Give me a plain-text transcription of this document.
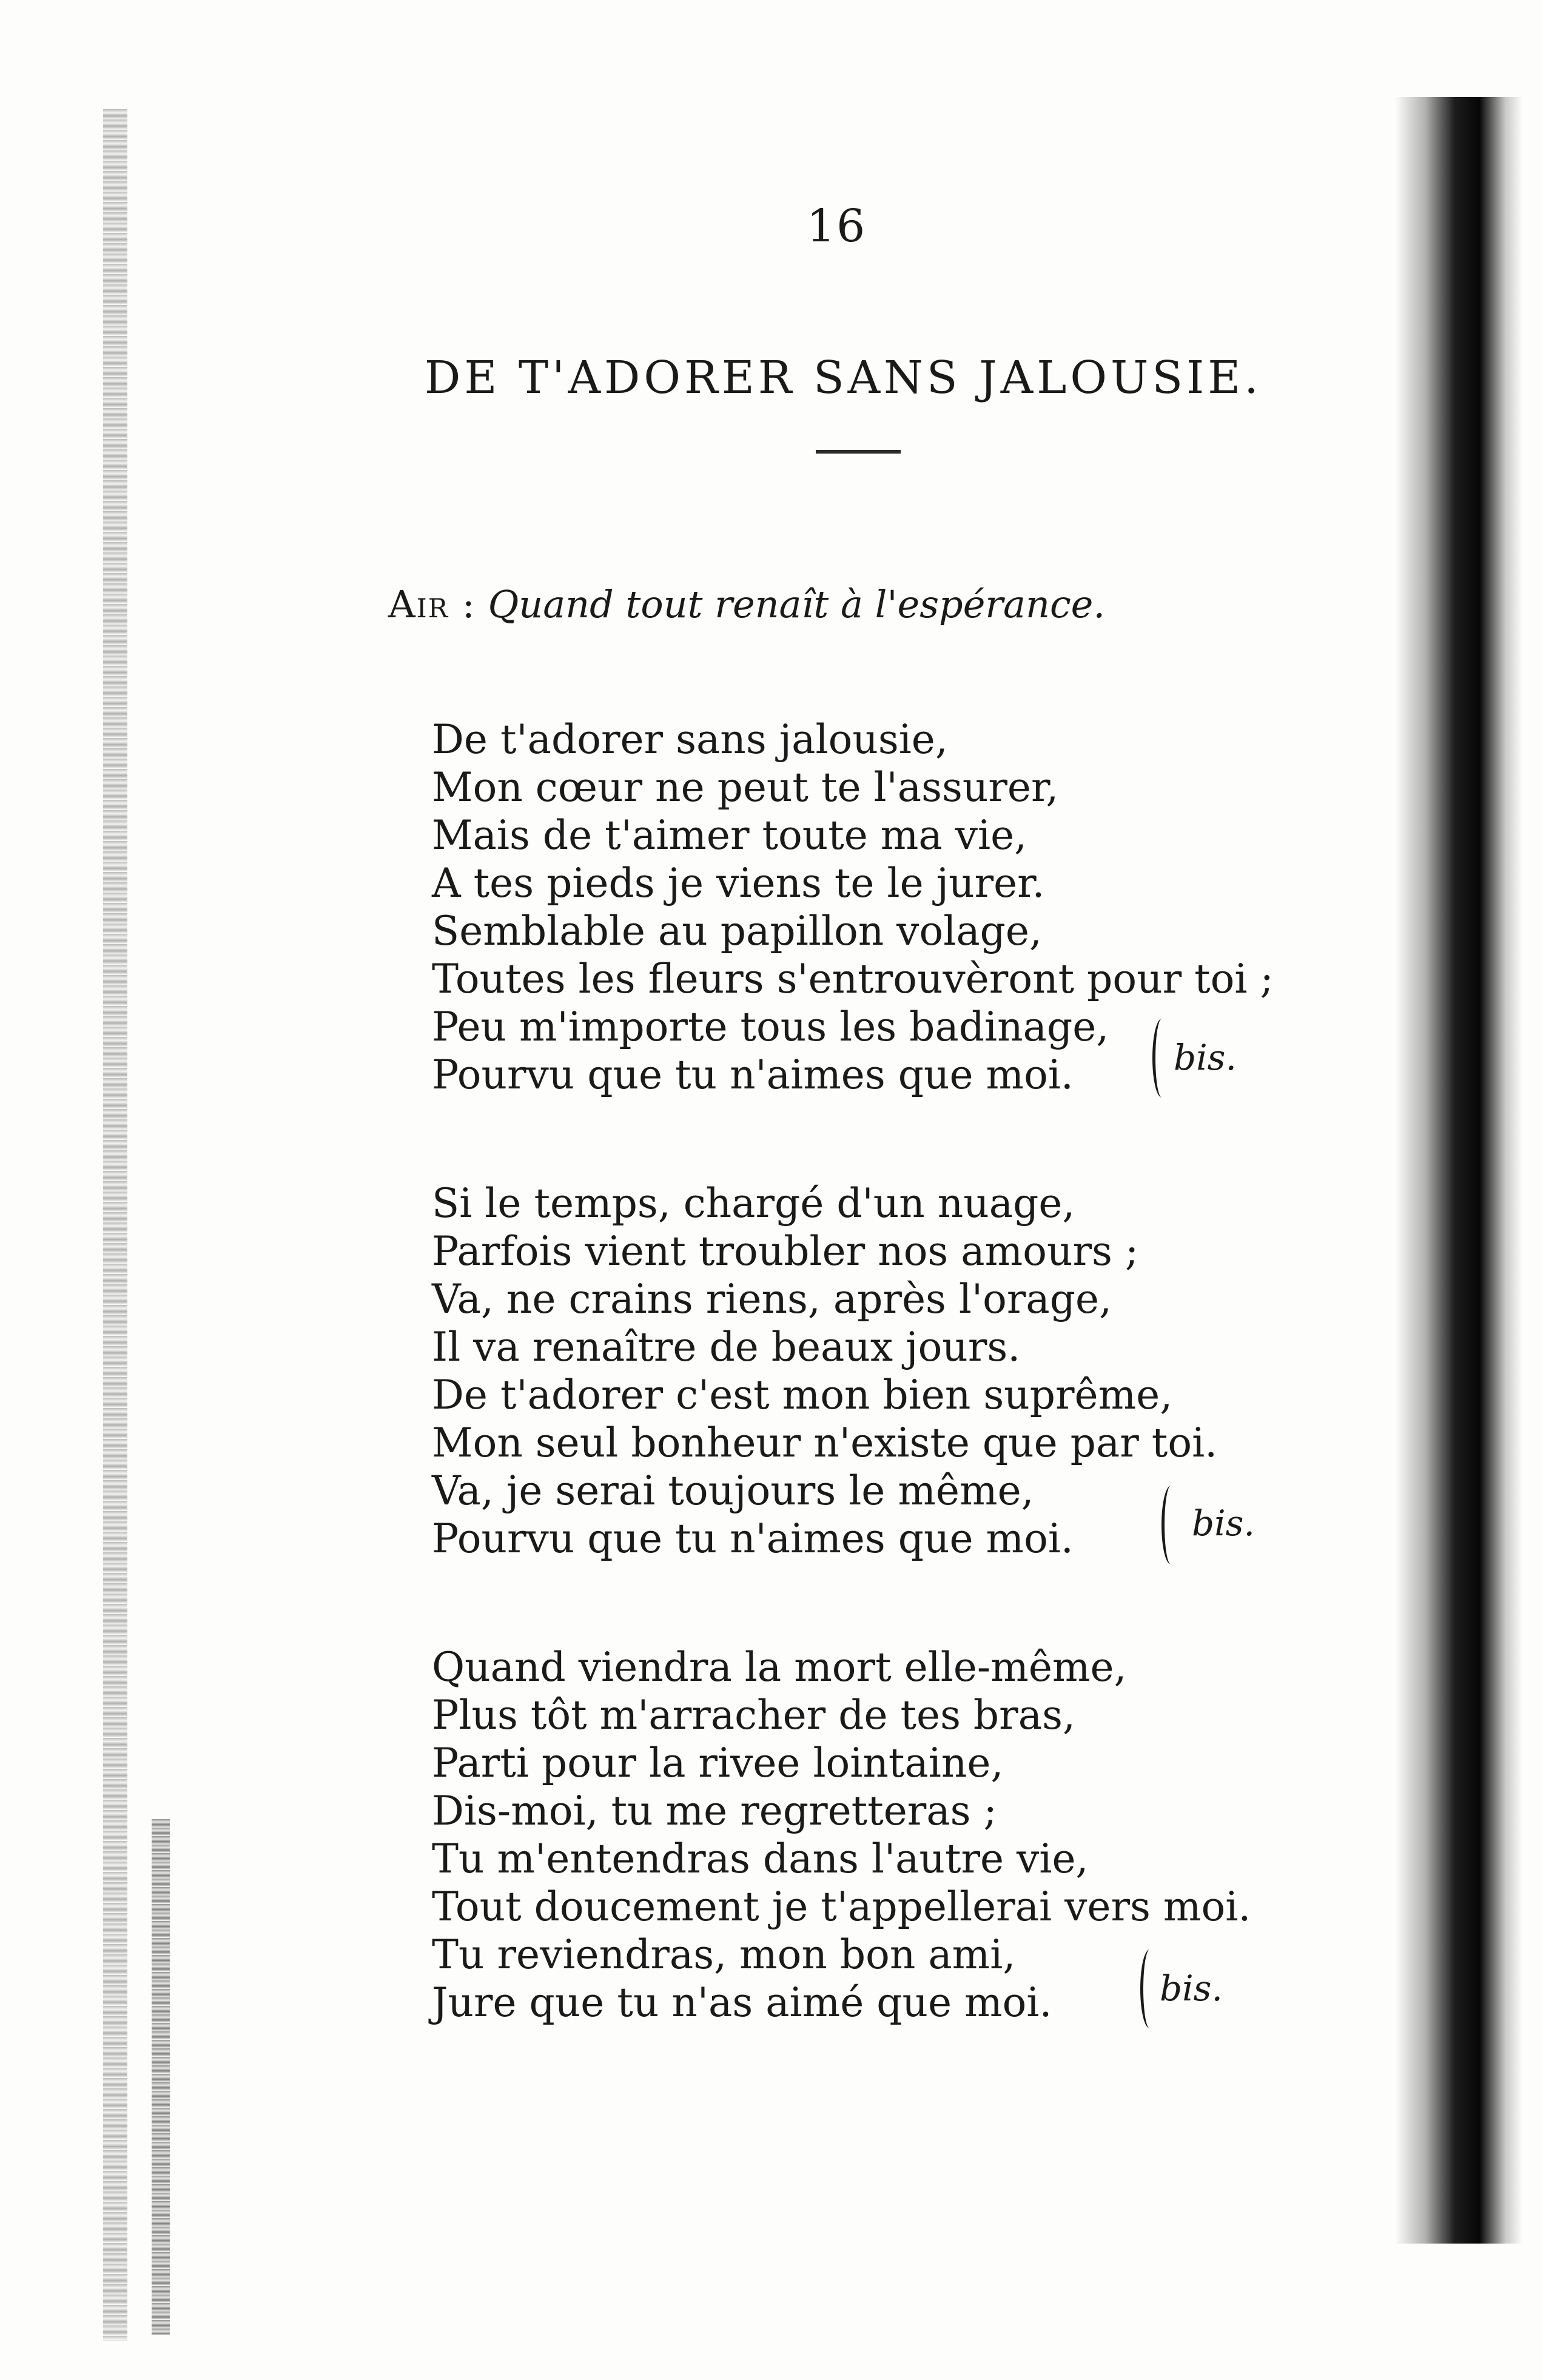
16
DE T'ADORER SANS JALOUSIE.
Air : Quand tout renaît à l'espérance.
De t'adorer sans jalousie,
Mon cœur ne peut te l'assurer,
Mais de t'aimer toute ma vie,
A tes pieds je viens te le jurer.
Semblable au papillon volage,
Toutes les fleurs s'entrouvèront pour toi ;
Peu m'importe tous les badinage,
Pourvu que tu n'aimes que moi.	bis.
Si le temps, chargé d'un nuage,
Parfois vient troubler nos amours ;
Va, ne crains riens, après l'orage,
Il va renaître de beaux jours.
De t'adorer c'est mon bien suprême,
Mon seul bonheur n'existe que par toi.
Va, je serai toujours le même,
Pourvu que tu n'aimes que moi.	bis.
Quand viendra la mort elle-même,
Plus tôt m'arracher de tes bras,
Parti pour la rivee lointaine,
Dis-moi, tu me regretteras ;
Tu m'entendras dans l'autre vie,
Tout doucement je t'appellerai vers moi.
Tu reviendras, mon bon ami,
Jure que tu n'as aimé que moi.	bis.
